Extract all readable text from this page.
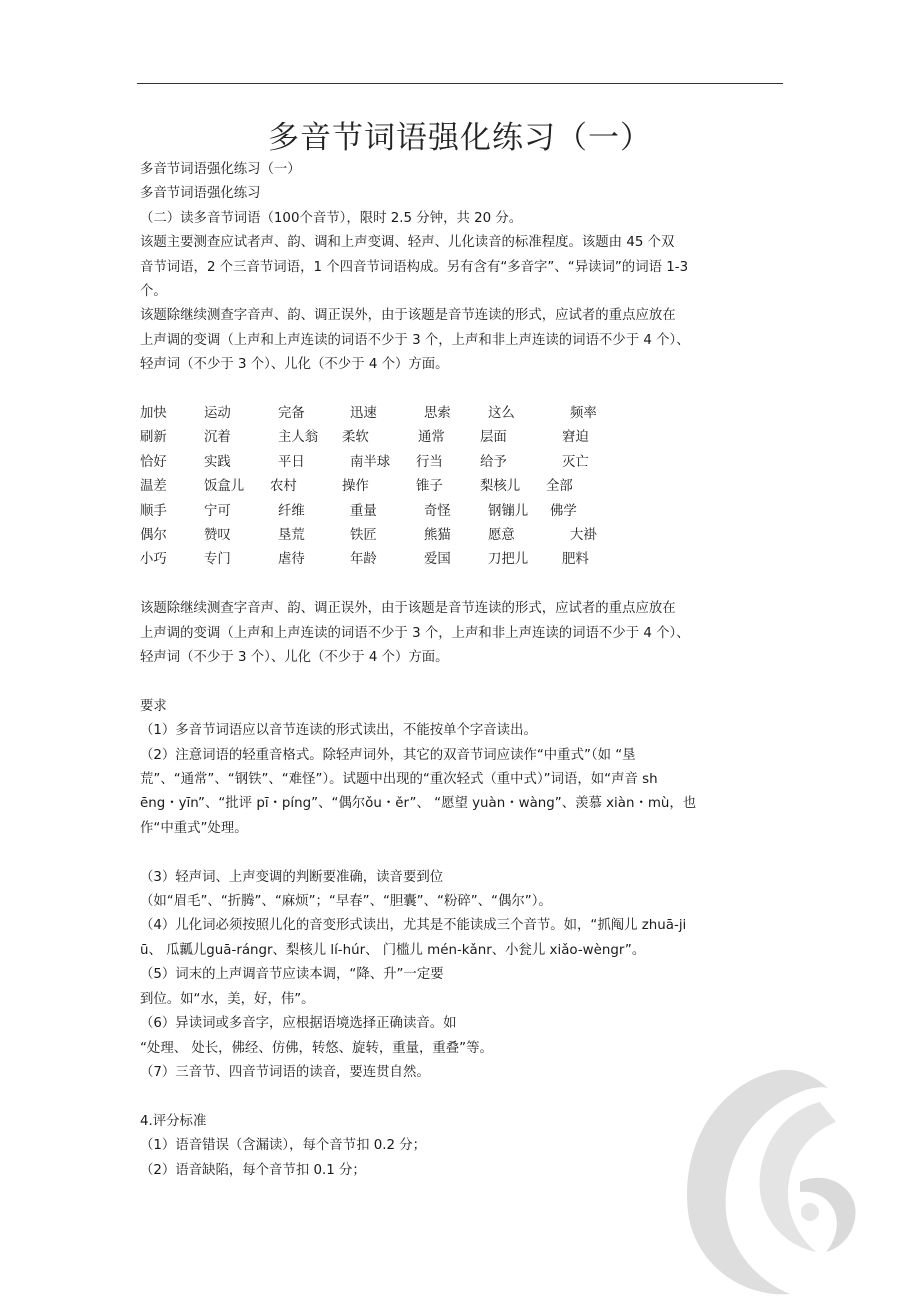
多音节词语强化练习（一）

多音节词语强化练习（一）

多音节词语强化练习

（二）读多音节词语（100个音节），限时 2.5 分钟，共 20 分。

该题主要测查应试者声、韵、调和上声变调、轻声、儿化读音的标准程度。该题由 45 个双

音节词语，2 个三音节词语，1 个四音节词语构成。另有含有“多音字”、“异读词”的词语 1-3

个。

该题除继续测查字音声、韵、调正误外，由于该题是音节连读的形式，应试者的重点应放在

上声调的变调（上声和上声连读的词语不少于 3 个，上声和非上声连读的词语不少于 4 个）、

轻声词（不少于 3 个）、儿化（不少于 4 个）方面。

加快	运动	完备	迅速	思索	这么	频率
刷新	沉着	主人翁 柔软	通常	层面	窘迫
恰好	实践	平日	南半球 行当	给予	灭亡
温差	饭盒儿 农村	操作	锥子	梨核儿 全部
顺手	宁可	纤维	重量	奇怪	钢镚儿 佛学
偶尔	赞叹	垦荒	铁匠	熊猫	愿意	大褂
小巧	专门	虐待	年龄	爱国	刀把儿	肥料

该题除继续测查字音声、韵、调正误外，由于该题是音节连读的形式，应试者的重点应放在

上声调的变调（上声和上声连读的词语不少于 3 个，上声和非上声连读的词语不少于 4 个）、

轻声词（不少于 3 个）、儿化（不少于 4 个）方面。

要求

（1）多音节词语应以音节连读的形式读出，不能按单个字音读出。

（2）注意词语的轻重音格式。除轻声词外，其它的双音节词应读作“中重式”（如 “垦

荒”、“通常”、“钢铁”、“难怪”）。试题中出现的“重次轻式（重中式）”词语，如“声音 sh

ēng・yīn”、“批评 pī・píng”、“偶尔ǒu・ěr”、 “愿望 yuàn・wàng”、羡慕 xiàn・mù，也

作“中重式”处理。

（3）轻声词、上声变调的判断要准确，读音要到位

（如“眉毛”、“折腾”、“麻烦”；“早春”、“胆囊”、“粉碎”、“偶尔”）。

（4）儿化词必须按照儿化的音变形式读出，尤其是不能读成三个音节。如，“抓阄儿 zhuā-ji

ū、 瓜瓤儿guā-rángr、梨核儿 lí-húr、 门槛儿 mén-kǎnr、小瓮儿 xiǎo-wèngr”。

（5）词末的上声调音节应读本调，“降、升”一定要

到位。如“水，美，好，伟”。

（6）异读词或多音字，应根据语境选择正确读音。如

“处理、 处长，佛经、仿佛，转悠、旋转，重量，重叠”等。

（7）三音节、四音节词语的读音，要连贯自然。

4.评分标准

（1）语音错误（含漏读），每个音节扣 0.2 分；

（2）语音缺陷，每个音节扣 0.1 分；
